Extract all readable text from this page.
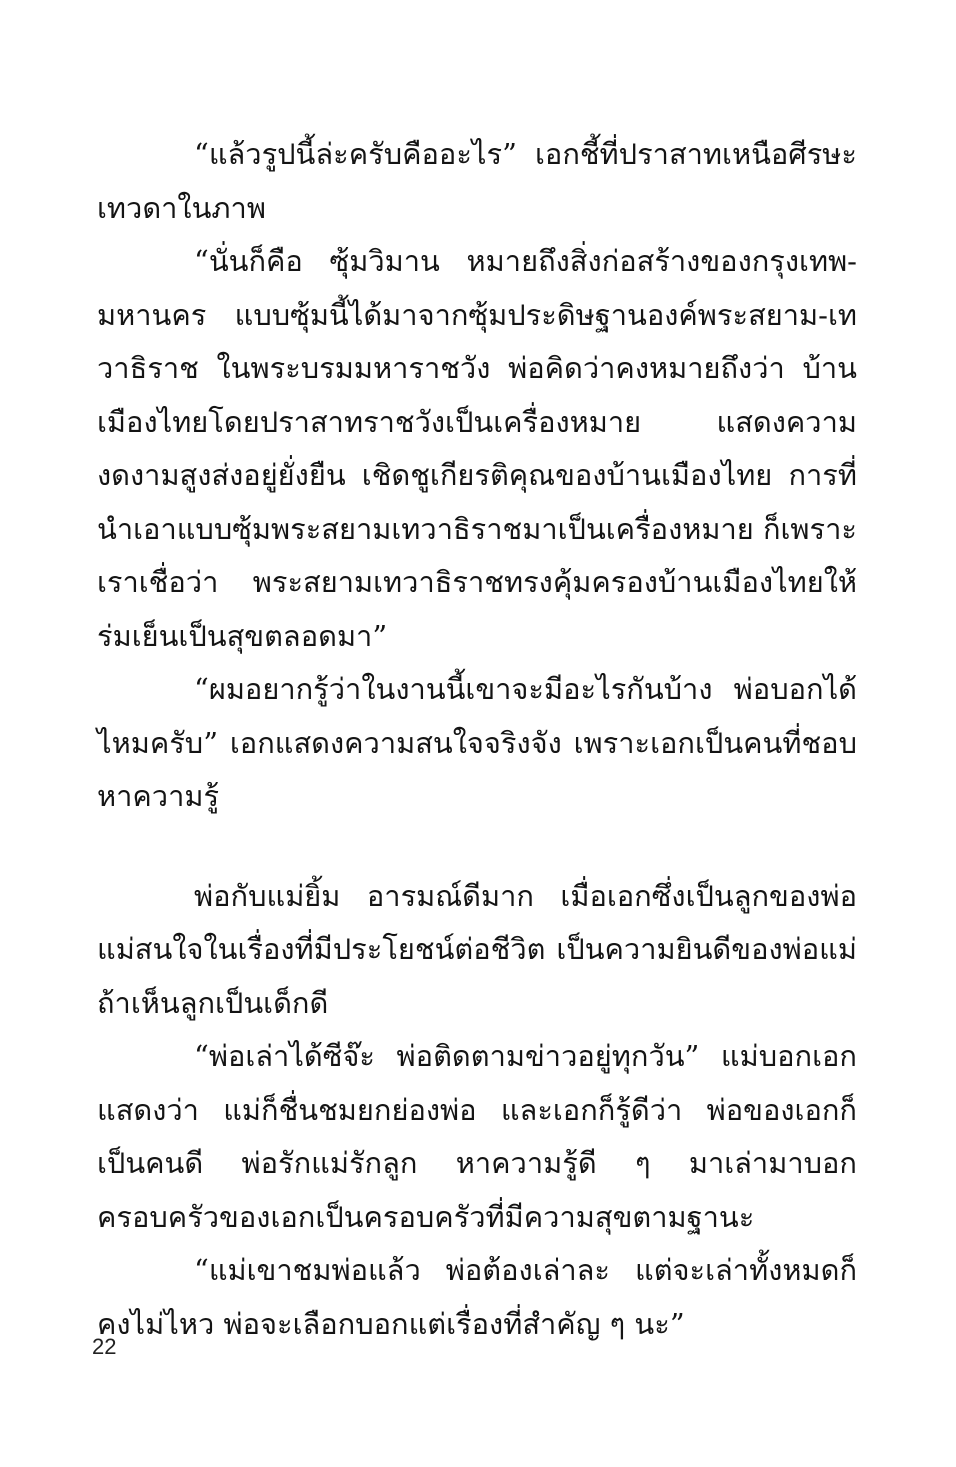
“แล้วรูปนี้ล่ะครับคืออะไร” เอกชี้ที่ปราสาทเหนือศีรษะเทวดาในภาพ

“นั่นก็คือ ซุ้มวิมาน หมายถึงสิ่งก่อสร้างของกรุงเทพ-มหานคร แบบซุ้มนี้ได้มาจากซุ้มประดิษฐานองค์พระสยาม-เทวาธิราช ในพระบรมมหาราชวัง พ่อคิดว่าคงหมายถึงว่า บ้านเมืองไทยโดยปราสาทราชวังเป็นเครื่องหมาย แสดงความงดงามสูงส่งอยู่ยั่งยืน เชิดชูเกียรติคุณของบ้านเมืองไทย การที่นำเอาแบบซุ้มพระสยามเทวาธิราชมาเป็นเครื่องหมาย ก็เพราะเราเชื่อว่า พระสยามเทวาธิราชทรงคุ้มครองบ้านเมืองไทยให้ร่มเย็นเป็นสุขตลอดมา”

“ผมอยากรู้ว่าในงานนี้เขาจะมีอะไรกันบ้าง พ่อบอกได้ไหมครับ” เอกแสดงความสนใจจริงจัง เพราะเอกเป็นคนที่ชอบหาความรู้

พ่อกับแม่ยิ้ม อารมณ์ดีมาก เมื่อเอกซึ่งเป็นลูกของพ่อแม่สนใจในเรื่องที่มีประโยชน์ต่อชีวิต เป็นความยินดีของพ่อแม่ ถ้าเห็นลูกเป็นเด็กดี

“พ่อเล่าได้ซีจ๊ะ พ่อติดตามข่าวอยู่ทุกวัน” แม่บอกเอกแสดงว่า แม่ก็ชื่นชมยกย่องพ่อ และเอกก็รู้ดีว่า พ่อของเอกก็เป็นคนดี พ่อรักแม่รักลูก หาความรู้ดี ๆ มาเล่ามาบอก ครอบครัวของเอกเป็นครอบครัวที่มีความสุขตามฐานะ

“แม่เขาชมพ่อแล้ว พ่อต้องเล่าละ แต่จะเล่าทั้งหมดก็คงไม่ไหว พ่อจะเลือกบอกแต่เรื่องที่สำคัญ ๆ นะ”

22
